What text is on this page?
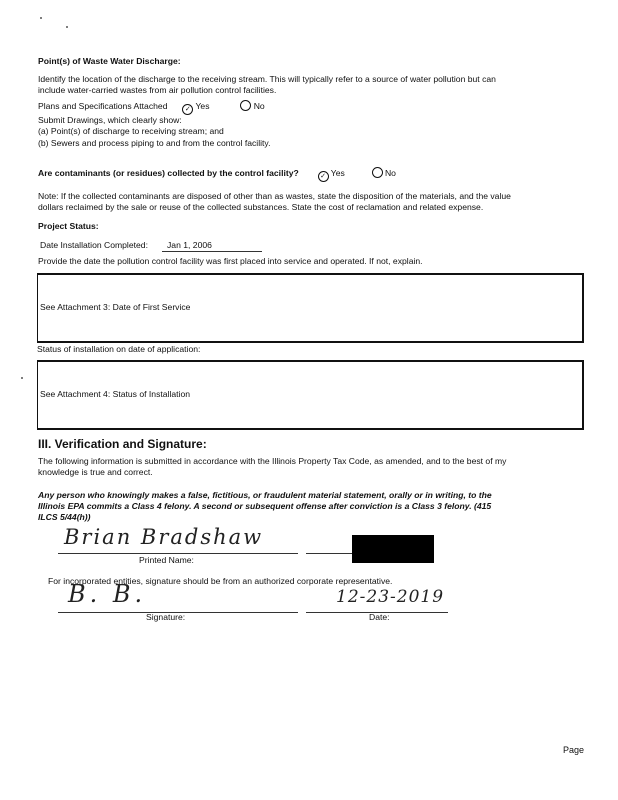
Point(s) of Waste Water Discharge:
Identify the location of the discharge to the receiving stream. This will typically refer to a source of water pollution but can
include water-carried wastes from air pollution control facilities.
Plans and Specifications Attached ✓ Yes	No
Submit Drawings, which clearly show:
(a) Point(s) of discharge to receiving stream; and
(b) Sewers and process piping to and from the control facility.
Are contaminants (or residues) collected by the control facility?	✓ Yes	No
Note: If the collected contaminants are disposed of other than as wastes, state the disposition of the materials, and the value
dollars reclaimed by the sale or reuse of the collected substances. State the cost of reclamation and related expense.
Project Status:
Date Installation Completed: Jan 1, 2006
Provide the date the pollution control facility was first placed into service and operated. If not, explain.
See Attachment 3: Date of First Service
Status of installation on date of application:
See Attachment 4: Status of Installation
III. Verification and Signature:
The following information is submitted in accordance with the Illinois Property Tax Code, as amended, and to the best of my
knowledge is true and correct.
Any person who knowingly makes a false, fictitious, or fraudulent material statement, orally or in writing, to the
Illinois EPA commits a Class 4 felony. A second or subsequent offense after conviction is a Class 3 felony. (415
ILCS 5/44(h))
Brian Bradshaw
Printed Name:
For incorporated entities, signature should be from an authorized corporate representative.
B. B.
Signature:
12-23-2019
Date:
Page
